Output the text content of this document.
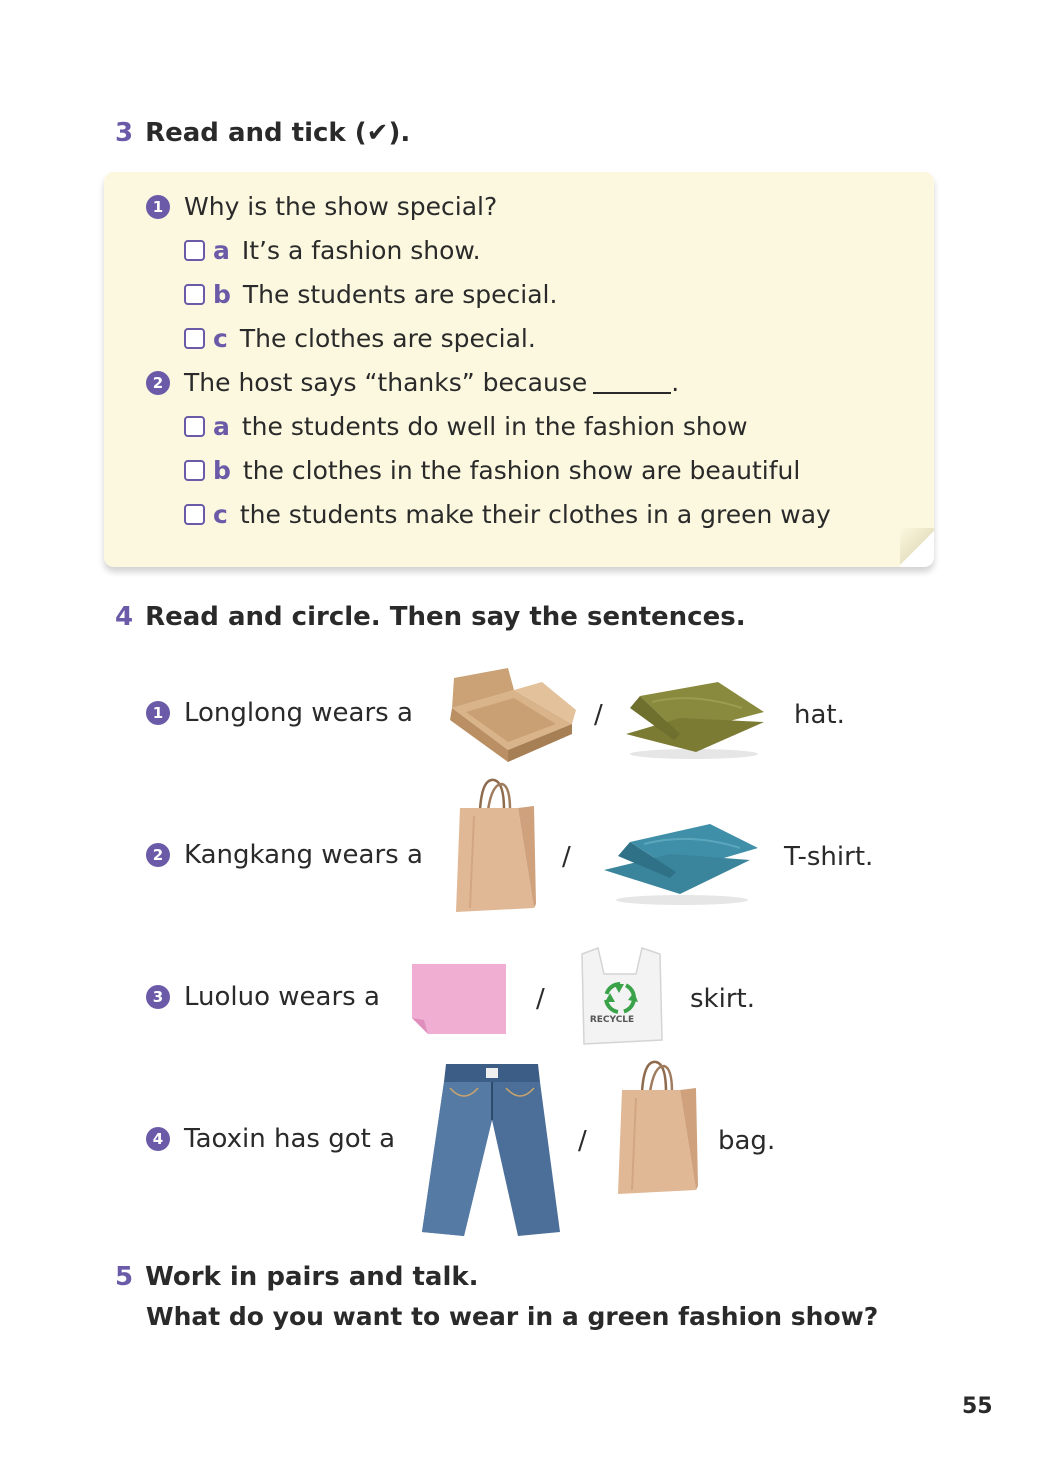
3 Read and tick (✔).
1 Why is the show special?
a It’s a fashion show.
b The students are special.
c The clothes are special.
2 The host says “thanks” because	.
a the students do well in the fashion show
b the clothes in the fashion show are beautiful
c the students make their clothes in a green way
4 Read and circle. Then say the sentences.
1 Longlong wears a	/	hat.
2 Kangkang wears a	/	T-shirt.
3 Luoluo wears a	/
RECYCLE
skirt.
4 Taoxin has got a	/	bag.
5 Work in pairs and talk.
What do you want to wear in a green fashion show?
55
